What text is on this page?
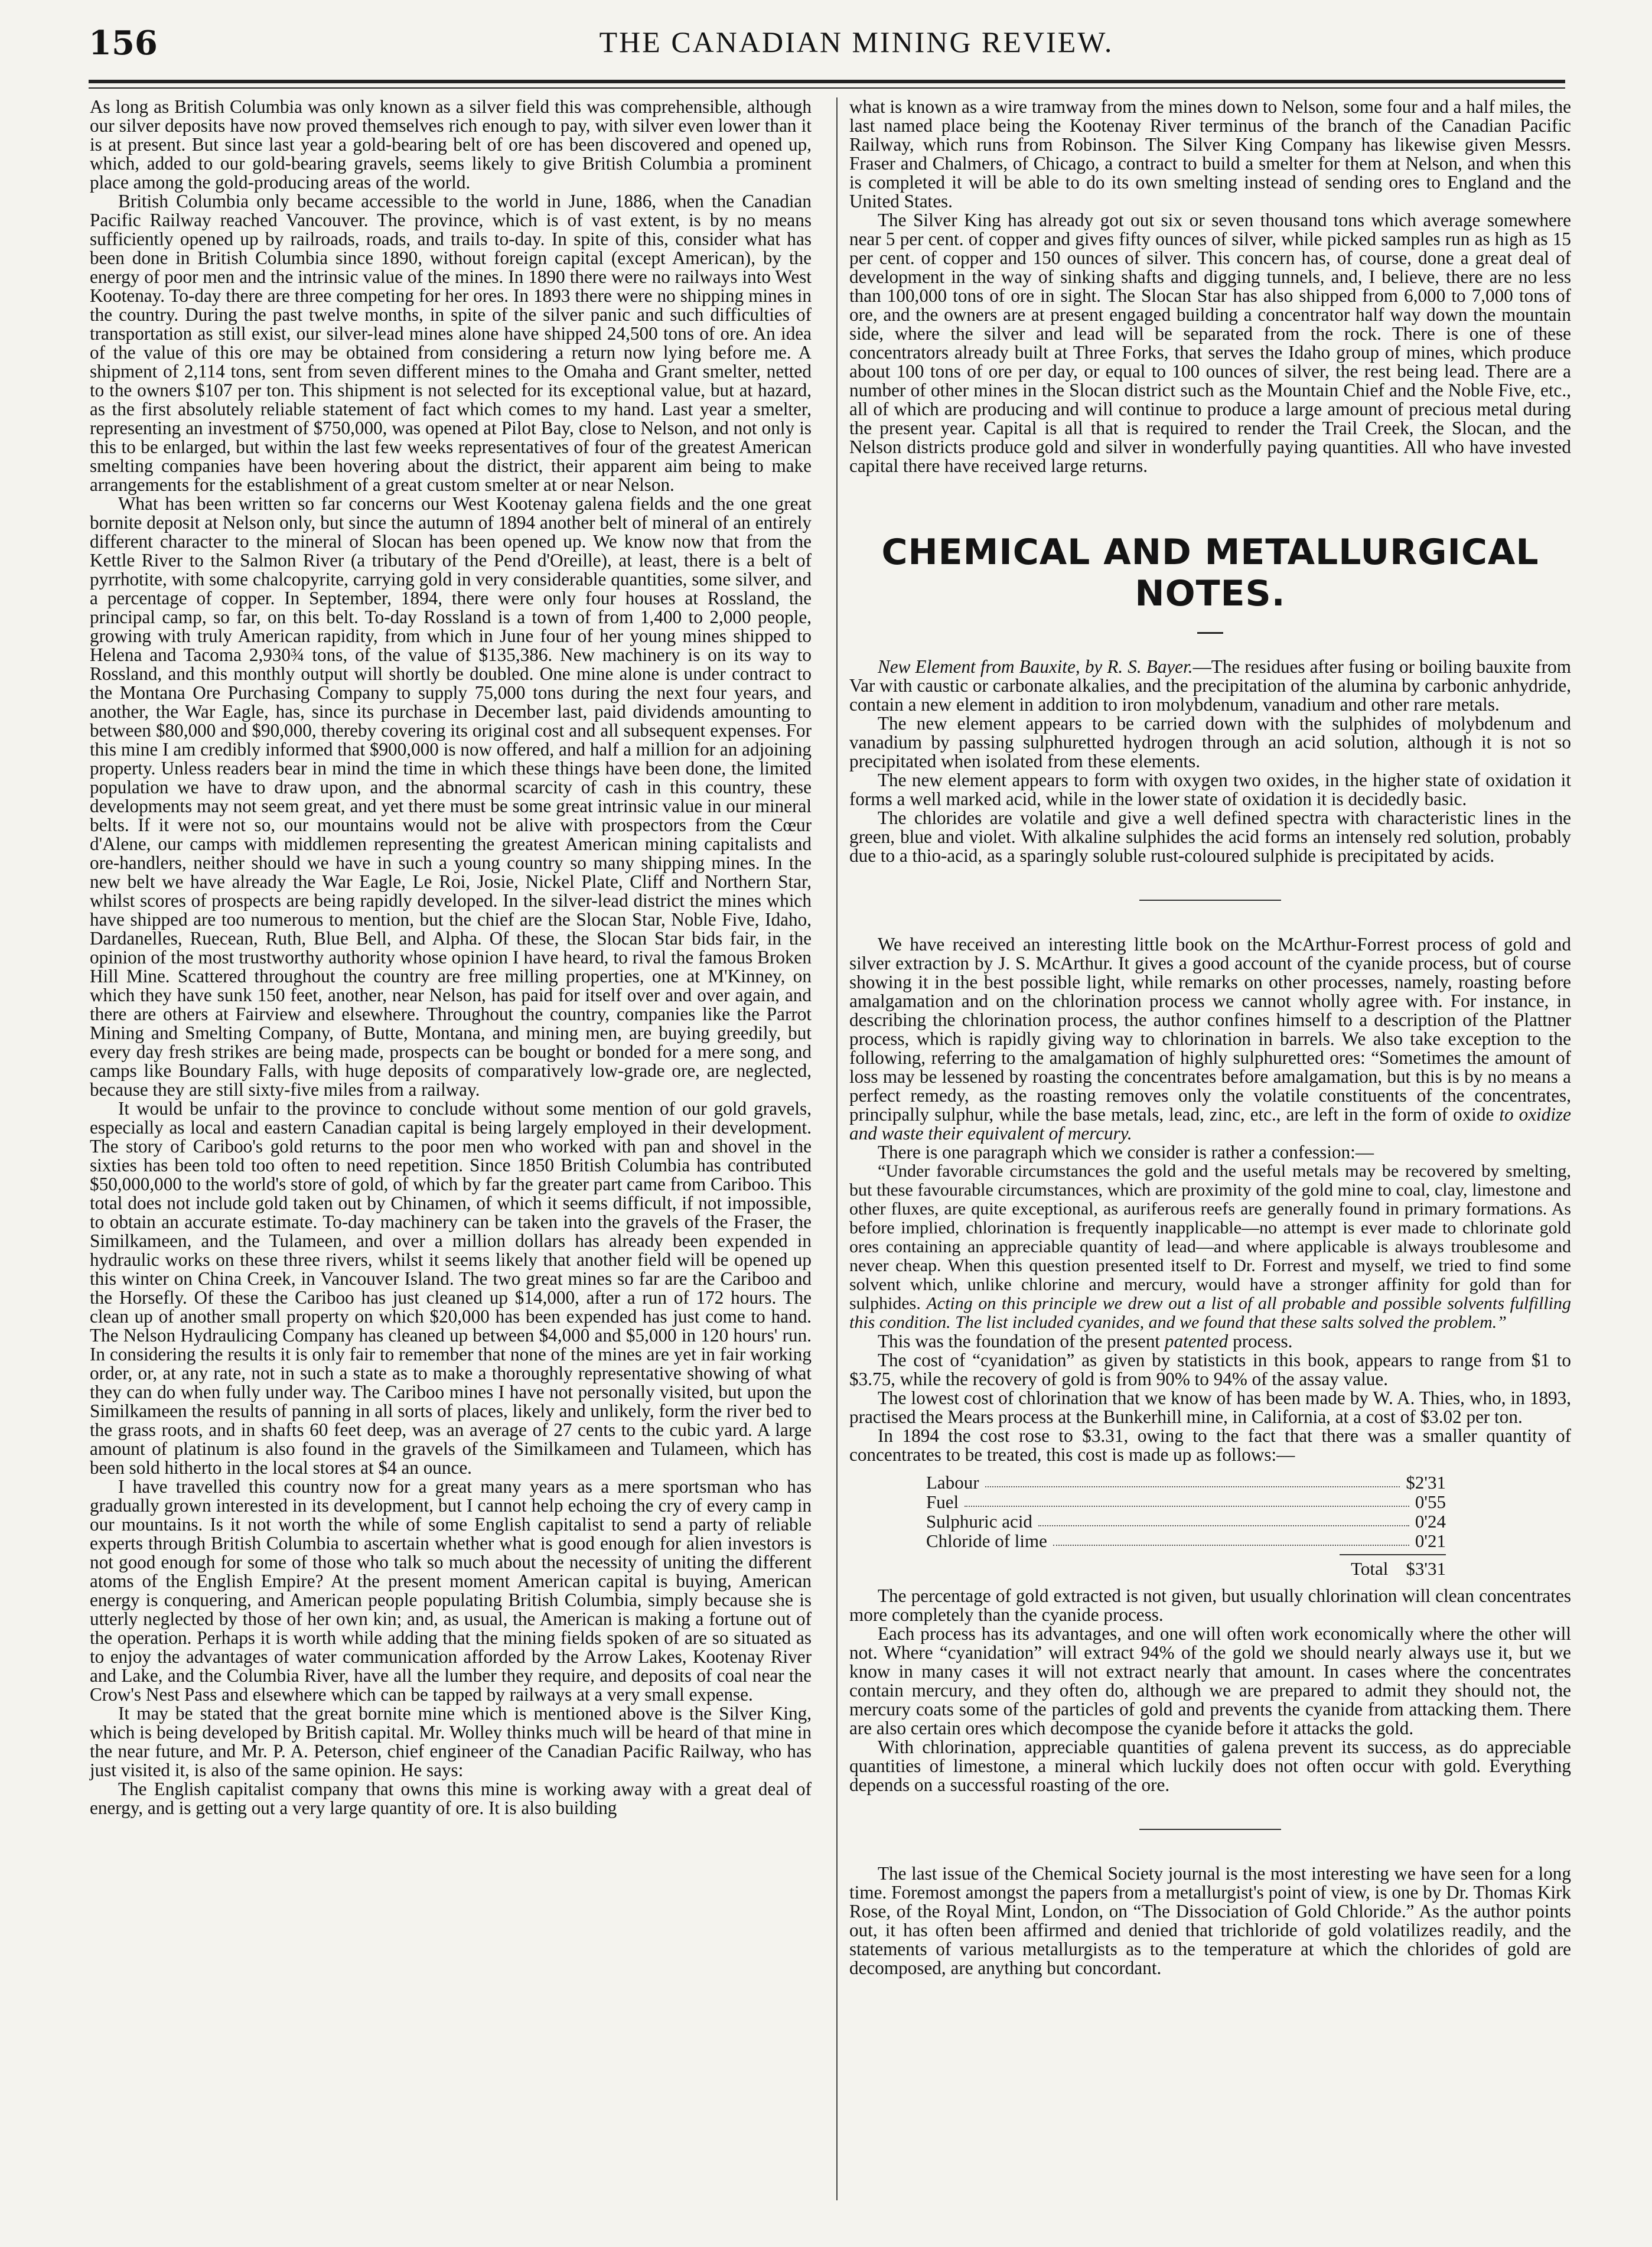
156	THE CANADIAN MINING REVIEW.

As long as British Columbia was only known as a silver field this was comprehensible, although our silver deposits have now proved themselves rich enough to pay, with silver even lower than it is at present. But since last year a gold-bearing belt of ore has been discovered and opened up, which, added to our gold-bearing gravels, seems likely to give British Columbia a prominent place among the gold-producing areas of the world.

British Columbia only became accessible to the world in June, 1886, when the Canadian Pacific Railway reached Vancouver. The province, which is of vast extent, is by no means sufficiently opened up by railroads, roads, and trails to-day. In spite of this, consider what has been done in British Columbia since 1890, without foreign capital (except American), by the energy of poor men and the intrinsic value of the mines. In 1890 there were no railways into West Kootenay. To-day there are three competing for her ores. In 1893 there were no shipping mines in the country. During the past twelve months, in spite of the silver panic and such difficulties of transportation as still exist, our silver-lead mines alone have shipped 24,500 tons of ore. An idea of the value of this ore may be obtained from considering a return now lying before me. A shipment of 2,114 tons, sent from seven different mines to the Omaha and Grant smelter, netted to the owners $107 per ton. This shipment is not selected for its exceptional value, but at hazard, as the first absolutely reliable statement of fact which comes to my hand. Last year a smelter, representing an investment of $750,000, was opened at Pilot Bay, close to Nelson, and not only is this to be enlarged, but within the last few weeks representatives of four of the greatest American smelting companies have been hovering about the district, their apparent aim being to make arrangements for the establishment of a great custom smelter at or near Nelson.

What has been written so far concerns our West Kootenay galena fields and the one great bornite deposit at Nelson only, but since the autumn of 1894 another belt of mineral of an entirely different character to the mineral of Slocan has been opened up. We know now that from the Kettle River to the Salmon River (a tributary of the Pend d'Oreille), at least, there is a belt of pyrrhotite, with some chalcopyrite, carrying gold in very considerable quantities, some silver, and a percentage of copper. In September, 1894, there were only four houses at Rossland, the principal camp, so far, on this belt. To-day Rossland is a town of from 1,400 to 2,000 people, growing with truly American rapidity, from which in June four of her young mines shipped to Helena and Tacoma 2,930¾ tons, of the value of $135,386. New machinery is on its way to Rossland, and this monthly output will shortly be doubled. One mine alone is under contract to the Montana Ore Purchasing Company to supply 75,000 tons during the next four years, and another, the War Eagle, has, since its purchase in December last, paid dividends amounting to between $80,000 and $90,000, thereby covering its original cost and all subsequent expenses. For this mine I am credibly informed that $900,000 is now offered, and half a million for an adjoining property. Unless readers bear in mind the time in which these things have been done, the limited population we have to draw upon, and the abnormal scarcity of cash in this country, these developments may not seem great, and yet there must be some great intrinsic value in our mineral belts. If it were not so, our mountains would not be alive with prospectors from the Cœur d'Alene, our camps with middlemen representing the greatest American mining capitalists and ore-handlers, neither should we have in such a young country so many shipping mines. In the new belt we have already the War Eagle, Le Roi, Josie, Nickel Plate, Cliff and Northern Star, whilst scores of prospects are being rapidly developed. In the silver-lead district the mines which have shipped are too numerous to mention, but the chief are the Slocan Star, Noble Five, Idaho, Dardanelles, Ruecean, Ruth, Blue Bell, and Alpha. Of these, the Slocan Star bids fair, in the opinion of the most trustworthy authority whose opinion I have heard, to rival the famous Broken Hill Mine. Scattered throughout the country are free milling properties, one at M'Kinney, on which they have sunk 150 feet, another, near Nelson, has paid for itself over and over again, and there are others at Fairview and elsewhere. Throughout the country, companies like the Parrot Mining and Smelting Company, of Butte, Montana, and mining men, are buying greedily, but every day fresh strikes are being made, prospects can be bought or bonded for a mere song, and camps like Boundary Falls, with huge deposits of comparatively low-grade ore, are neglected, because they are still sixty-five miles from a railway.

It would be unfair to the province to conclude without some mention of our gold gravels, especially as local and eastern Canadian capital is being largely employed in their development. The story of Cariboo's gold returns to the poor men who worked with pan and shovel in the sixties has been told too often to need repetition. Since 1850 British Columbia has contributed $50,000,000 to the world's store of gold, of which by far the greater part came from Cariboo. This total does not include gold taken out by Chinamen, of which it seems difficult, if not impossible, to obtain an accurate estimate. To-day machinery can be taken into the gravels of the Fraser, the Similkameen, and the Tulameen, and over a million dollars has already been expended in hydraulic works on these three rivers, whilst it seems likely that another field will be opened up this winter on China Creek, in Vancouver Island. The two great mines so far are the Cariboo and the Horsefly. Of these the Cariboo has just cleaned up $14,000, after a run of 172 hours. The clean up of another small property on which $20,000 has been expended has just come to hand. The Nelson Hydraulicing Company has cleaned up between $4,000 and $5,000 in 120 hours' run. In considering the results it is only fair to remember that none of the mines are yet in fair working order, or, at any rate, not in such a state as to make a thoroughly representative showing of what they can do when fully under way. The Cariboo mines I have not personally visited, but upon the Similkameen the results of panning in all sorts of places, likely and unlikely, form the river bed to the grass roots, and in shafts 60 feet deep, was an average of 27 cents to the cubic yard. A large amount of platinum is also found in the gravels of the Similkameen and Tulameen, which has been sold hitherto in the local stores at $4 an ounce.

I have travelled this country now for a great many years as a mere sportsman who has gradually grown interested in its development, but I cannot help echoing the cry of every camp in our mountains. Is it not worth the while of some English capitalist to send a party of reliable experts through British Columbia to ascertain whether what is good enough for alien investors is not good enough for some of those who talk so much about the necessity of uniting the different atoms of the English Empire? At the present moment American capital is buying, American energy is conquering, and American people populating British Columbia, simply because she is utterly neglected by those of her own kin; and, as usual, the American is making a fortune out of the operation. Perhaps it is worth while adding that the mining fields spoken of are so situated as to enjoy the advantages of water communication afforded by the Arrow Lakes, Kootenay River and Lake, and the Columbia River, have all the lumber they require, and deposits of coal near the Crow's Nest Pass and elsewhere which can be tapped by railways at a very small expense.

It may be stated that the great bornite mine which is mentioned above is the Silver King, which is being developed by British capital. Mr. Wolley thinks much will be heard of that mine in the near future, and Mr. P. A. Peterson, chief engineer of the Canadian Pacific Railway, who has just visited it, is also of the same opinion. He says:

The English capitalist company that owns this mine is working away with a great deal of energy, and is getting out a very large quantity of ore. It is also building

what is known as a wire tramway from the mines down to Nelson, some four and a half miles, the last named place being the Kootenay River terminus of the branch of the Canadian Pacific Railway, which runs from Robinson. The Silver King Company has likewise given Messrs. Fraser and Chalmers, of Chicago, a contract to build a smelter for them at Nelson, and when this is completed it will be able to do its own smelting instead of sending ores to England and the United States.

The Silver King has already got out six or seven thousand tons which average somewhere near 5 per cent. of copper and gives fifty ounces of silver, while picked samples run as high as 15 per cent. of copper and 150 ounces of silver. This concern has, of course, done a great deal of development in the way of sinking shafts and digging tunnels, and, I believe, there are no less than 100,000 tons of ore in sight. The Slocan Star has also shipped from 6,000 to 7,000 tons of ore, and the owners are at present engaged building a concentrator half way down the mountain side, where the silver and lead will be separated from the rock. There is one of these concentrators already built at Three Forks, that serves the Idaho group of mines, which produce about 100 tons of ore per day, or equal to 100 ounces of silver, the rest being lead. There are a number of other mines in the Slocan district such as the Mountain Chief and the Noble Five, etc., all of which are producing and will continue to produce a large amount of precious metal during the present year. Capital is all that is required to render the Trail Creek, the Slocan, and the Nelson districts produce gold and silver in wonderfully paying quantities. All who have invested capital there have received large returns.

CHEMICAL AND METALLURGICAL NOTES.

New Element from Bauxite, by R. S. Bayer.—The residues after fusing or boiling bauxite from Var with caustic or carbonate alkalies, and the precipitation of the alumina by carbonic anhydride, contain a new element in addition to iron molybdenum, vanadium and other rare metals.

The new element appears to be carried down with the sulphides of molybdenum and vanadium by passing sulphuretted hydrogen through an acid solution, although it is not so precipitated when isolated from these elements.

The new element appears to form with oxygen two oxides, in the higher state of oxidation it forms a well marked acid, while in the lower state of oxidation it is decidedly basic.

The chlorides are volatile and give a well defined spectra with characteristic lines in the green, blue and violet. With alkaline sulphides the acid forms an intensely red solution, probably due to a thio-acid, as a sparingly soluble rust-coloured sulphide is precipitated by acids.

We have received an interesting little book on the McArthur-Forrest process of gold and silver extraction by J. S. McArthur. It gives a good account of the cyanide process, but of course showing it in the best possible light, while remarks on other processes, namely, roasting before amalgamation and on the chlorination process we cannot wholly agree with. For instance, in describing the chlorination process, the author confines himself to a description of the Plattner process, which is rapidly giving way to chlorination in barrels. We also take exception to the following, referring to the amalgamation of highly sulphuretted ores: “Sometimes the amount of loss may be lessened by roasting the concentrates before amalgamation, but this is by no means a perfect remedy, as the roasting removes only the volatile constituents of the concentrates, principally sulphur, while the base metals, lead, zinc, etc., are left in the form of oxide to oxidize and waste their equivalent of mercury.

There is one paragraph which we consider is rather a confession:—

“Under favorable circumstances the gold and the useful metals may be recovered by smelting, but these favourable circumstances, which are proximity of the gold mine to coal, clay, limestone and other fluxes, are quite exceptional, as auriferous reefs are generally found in primary formations. As before implied, chlorination is frequently inapplicable—no attempt is ever made to chlorinate gold ores containing an appreciable quantity of lead—and where applicable is always troublesome and never cheap. When this question presented itself to Dr. Forrest and myself, we tried to find some solvent which, unlike chlorine and mercury, would have a stronger affinity for gold than for sulphides. Acting on this principle we drew out a list of all probable and possible solvents fulfilling this condition. The list included cyanides, and we found that these salts solved the problem.”

This was the foundation of the present patented process.

The cost of “cyanidation” as given by statisticts in this book, appears to range from $1 to $3.75, while the recovery of gold is from 90% to 94% of the assay value.

The lowest cost of chlorination that we know of has been made by W. A. Thies, who, in 1893, practised the Mears process at the Bunkerhill mine, in California, at a cost of $3.02 per ton.

In 1894 the cost rose to $3.31, owing to the fact that there was a smaller quantity of concentrates to be treated, this cost is made up as follows:—

Labour	$2'31
Fuel	0'55
Sulphuric acid	0'24
Chloride of lime	0'21
Total $3'31

The percentage of gold extracted is not given, but usually chlorination will clean concentrates more completely than the cyanide process.

Each process has its advantages, and one will often work economically where the other will not. Where “cyanidation” will extract 94% of the gold we should nearly always use it, but we know in many cases it will not extract nearly that amount. In cases where the concentrates contain mercury, and they often do, although we are prepared to admit they should not, the mercury coats some of the particles of gold and prevents the cyanide from attacking them. There are also certain ores which decompose the cyanide before it attacks the gold.

With chlorination, appreciable quantities of galena prevent its success, as do appreciable quantities of limestone, a mineral which luckily does not often occur with gold. Everything depends on a successful roasting of the ore.

The last issue of the Chemical Society journal is the most interesting we have seen for a long time. Foremost amongst the papers from a metallurgist's point of view, is one by Dr. Thomas Kirk Rose, of the Royal Mint, London, on “The Dissociation of Gold Chloride.” As the author points out, it has often been affirmed and denied that trichloride of gold volatilizes readily, and the statements of various metallurgists as to the temperature at which the chlorides of gold are decomposed, are anything but concordant.
